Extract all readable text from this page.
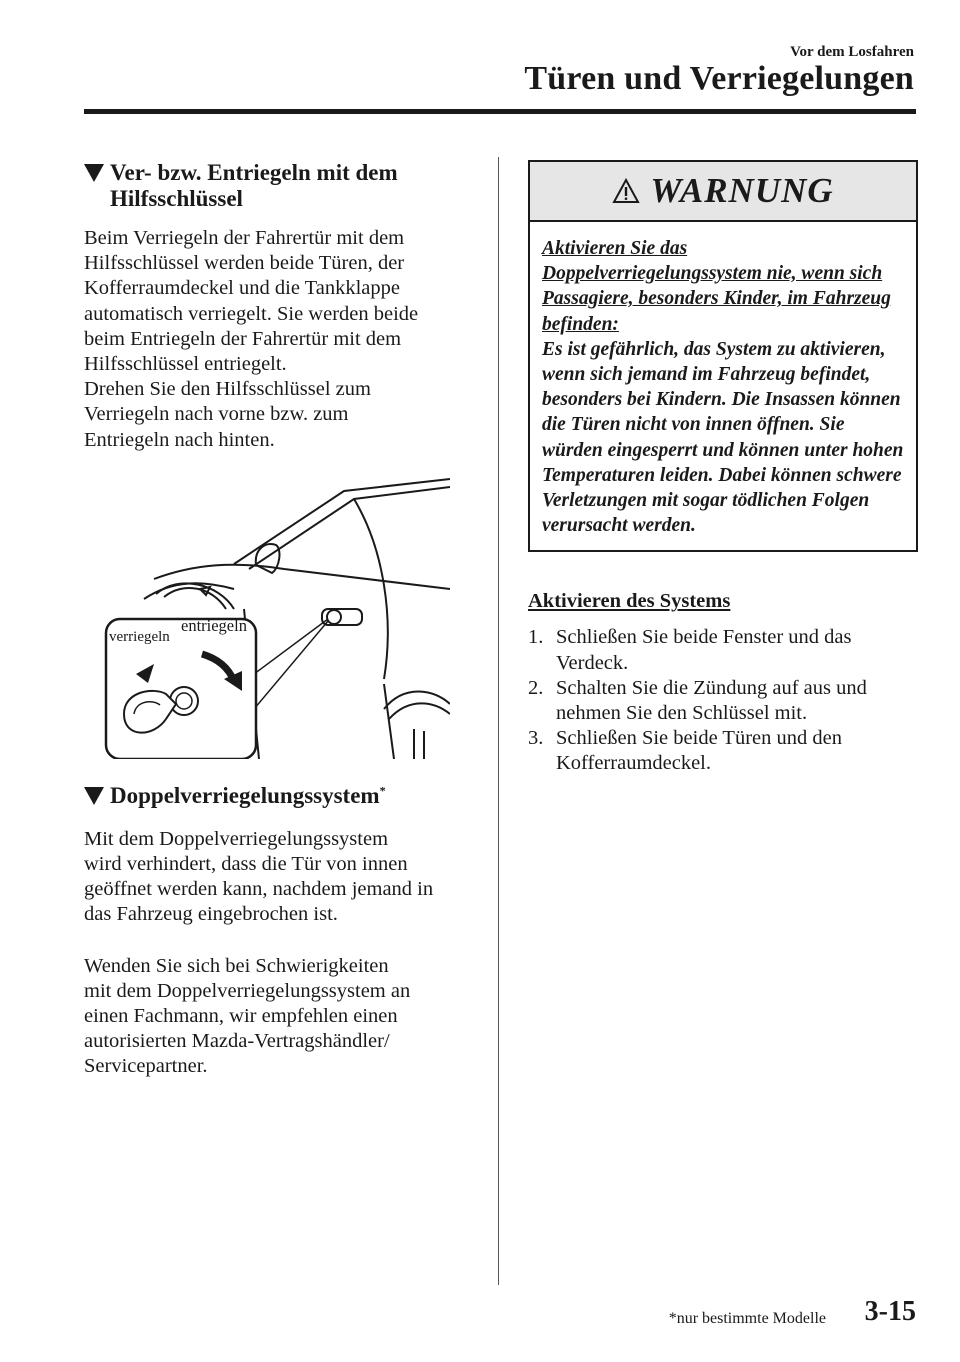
Vor dem Losfahren
Türen und Verriegelungen
Ver- bzw. Entriegeln mit dem
Hilfsschlüssel
Beim Verriegeln der Fahrertür mit dem
Hilfsschlüssel werden beide Türen, der
Kofferraumdeckel und die Tankklappe
automatisch verriegelt. Sie werden beide
beim Entriegeln der Fahrertür mit dem
Hilfsschlüssel entriegelt.
Drehen Sie den Hilfsschlüssel zum
Verriegeln nach vorne bzw. zum
Entriegeln nach hinten.
verriegeln
entriegeln
Doppelverriegelungssystem*
Mit dem Doppelverriegelungssystem
wird verhindert, dass die Tür von innen
geöffnet werden kann, nachdem jemand in
das Fahrzeug eingebrochen ist.
Wenden Sie sich bei Schwierigkeiten
mit dem Doppelverriegelungssystem an
einen Fachmann, wir empfehlen einen
autorisierten Mazda-Vertragshändler/
Servicepartner.
WARNUNG
Aktivieren Sie das Doppelverriegelungssystem nie, wenn sich Passagiere, besonders Kinder, im Fahrzeug befinden:
Es ist gefährlich, das System zu aktivieren, wenn sich jemand im Fahrzeug befindet, besonders bei Kindern. Die Insassen können die Türen nicht von innen öffnen. Sie würden eingesperrt und können unter hohen Temperaturen leiden. Dabei können schwere Verletzungen mit sogar tödlichen Folgen verursacht werden.
Aktivieren des Systems
1. Schließen Sie beide Fenster und das Verdeck.
2. Schalten Sie die Zündung auf aus und nehmen Sie den Schlüssel mit.
3. Schließen Sie beide Türen und den Kofferraumdeckel.
*nur bestimmte Modelle 3-15
